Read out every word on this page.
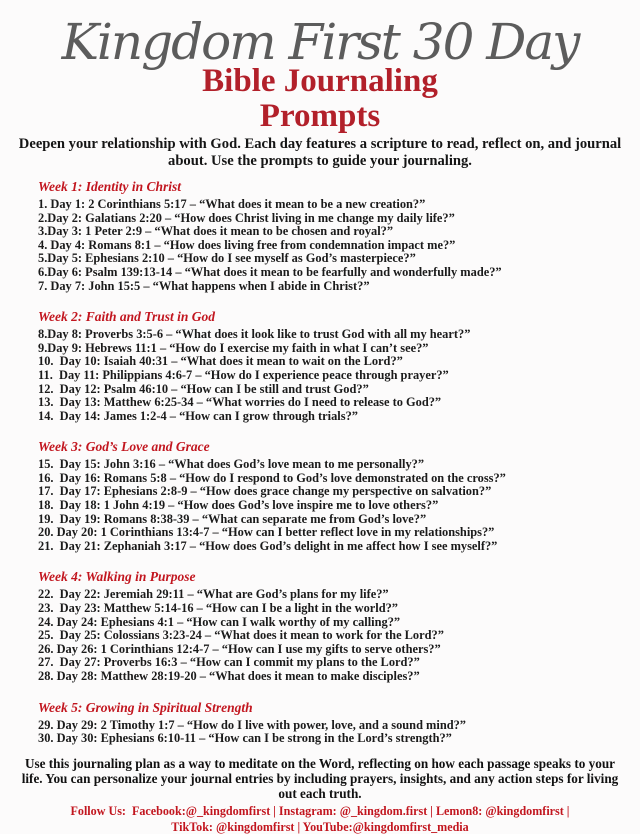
Kingdom First 30 Day
Bible Journaling
Prompts

Deepen your relationship with God. Each day features a scripture to read, reflect on, and journal about. Use the prompts to guide your journaling.

Week 1: Identity in Christ

1. Day 1: 2 Corinthians 5:17 – “What does it mean to be a new creation?”

2.Day 2: Galatians 2:20 – “How does Christ living in me change my daily life?”

3.Day 3: 1 Peter 2:9 – “What does it mean to be chosen and royal?”

4. Day 4: Romans 8:1 – “How does living free from condemnation impact me?”

5.Day 5: Ephesians 2:10 – “How do I see myself as God’s masterpiece?”

6.Day 6: Psalm 139:13-14 – “What does it mean to be fearfully and wonderfully made?”

7. Day 7: John 15:5 – “What happens when I abide in Christ?”

Week 2: Faith and Trust in God

8.Day 8: Proverbs 3:5-6 – “What does it look like to trust God with all my heart?”

9.Day 9: Hebrews 11:1 – “How do I exercise my faith in what I can’t see?”

10.  Day 10: Isaiah 40:31 – “What does it mean to wait on the Lord?”

11.  Day 11: Philippians 4:6-7 – “How do I experience peace through prayer?”

12.  Day 12: Psalm 46:10 – “How can I be still and trust God?”

13.  Day 13: Matthew 6:25-34 – “What worries do I need to release to God?”

14.  Day 14: James 1:2-4 – “How can I grow through trials?”

Week 3: God’s Love and Grace

15.  Day 15: John 3:16 – “What does God’s love mean to me personally?”

16.  Day 16: Romans 5:8 – “How do I respond to God’s love demonstrated on the cross?”

17.  Day 17: Ephesians 2:8-9 – “How does grace change my perspective on salvation?”

18.  Day 18: 1 John 4:19 – “How does God’s love inspire me to love others?”

19.  Day 19: Romans 8:38-39 – “What can separate me from God’s love?”

20. Day 20: 1 Corinthians 13:4-7 – “How can I better reflect love in my relationships?”

21.  Day 21: Zephaniah 3:17 – “How does God’s delight in me affect how I see myself?”

Week 4: Walking in Purpose

22.  Day 22: Jeremiah 29:11 – “What are God’s plans for my life?”

23.  Day 23: Matthew 5:14-16 – “How can I be a light in the world?”

24. Day 24: Ephesians 4:1 – “How can I walk worthy of my calling?”

25.  Day 25: Colossians 3:23-24 – “What does it mean to work for the Lord?”

26. Day 26: 1 Corinthians 12:4-7 – “How can I use my gifts to serve others?”

27.  Day 27: Proverbs 16:3 – “How can I commit my plans to the Lord?”

28. Day 28: Matthew 28:19-20 – “What does it mean to make disciples?”

Week 5: Growing in Spiritual Strength

29. Day 29: 2 Timothy 1:7 – “How do I live with power, love, and a sound mind?”

30. Day 30: Ephesians 6:10-11 – “How can I be strong in the Lord’s strength?”

Use this journaling plan as a way to meditate on the Word, reflecting on how each passage speaks to your life. You can personalize your journal entries by including prayers, insights, and any action steps for living out each truth.

Follow Us:  Facebook:@_kingdomfirst | Instagram: @_kingdom.first | Lemon8: @kingdomfirst |
TikTok: @kingdomfirst | YouTube:@kingdomfirst_media
